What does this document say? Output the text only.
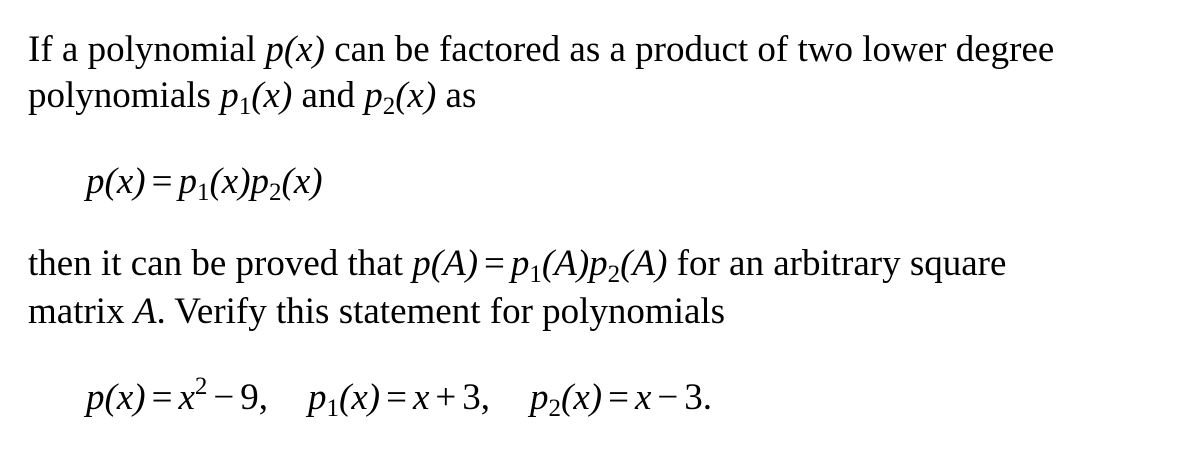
If a polynomial p(x) can be factored as a product of two lower degree
polynomials $p_1(x)$ and $p_2(x)$ as
$p(x) = p_1(x)p_2(x)$
then it can be proved that $p(A) = p_1(A)p_2(A)$ for an arbitrary square
matrix A. Verify this statement for polynomials
$p(x) = x^2 - 9$, $p_1(x) = x + 3$, $p_2(x) = x - 3$.
